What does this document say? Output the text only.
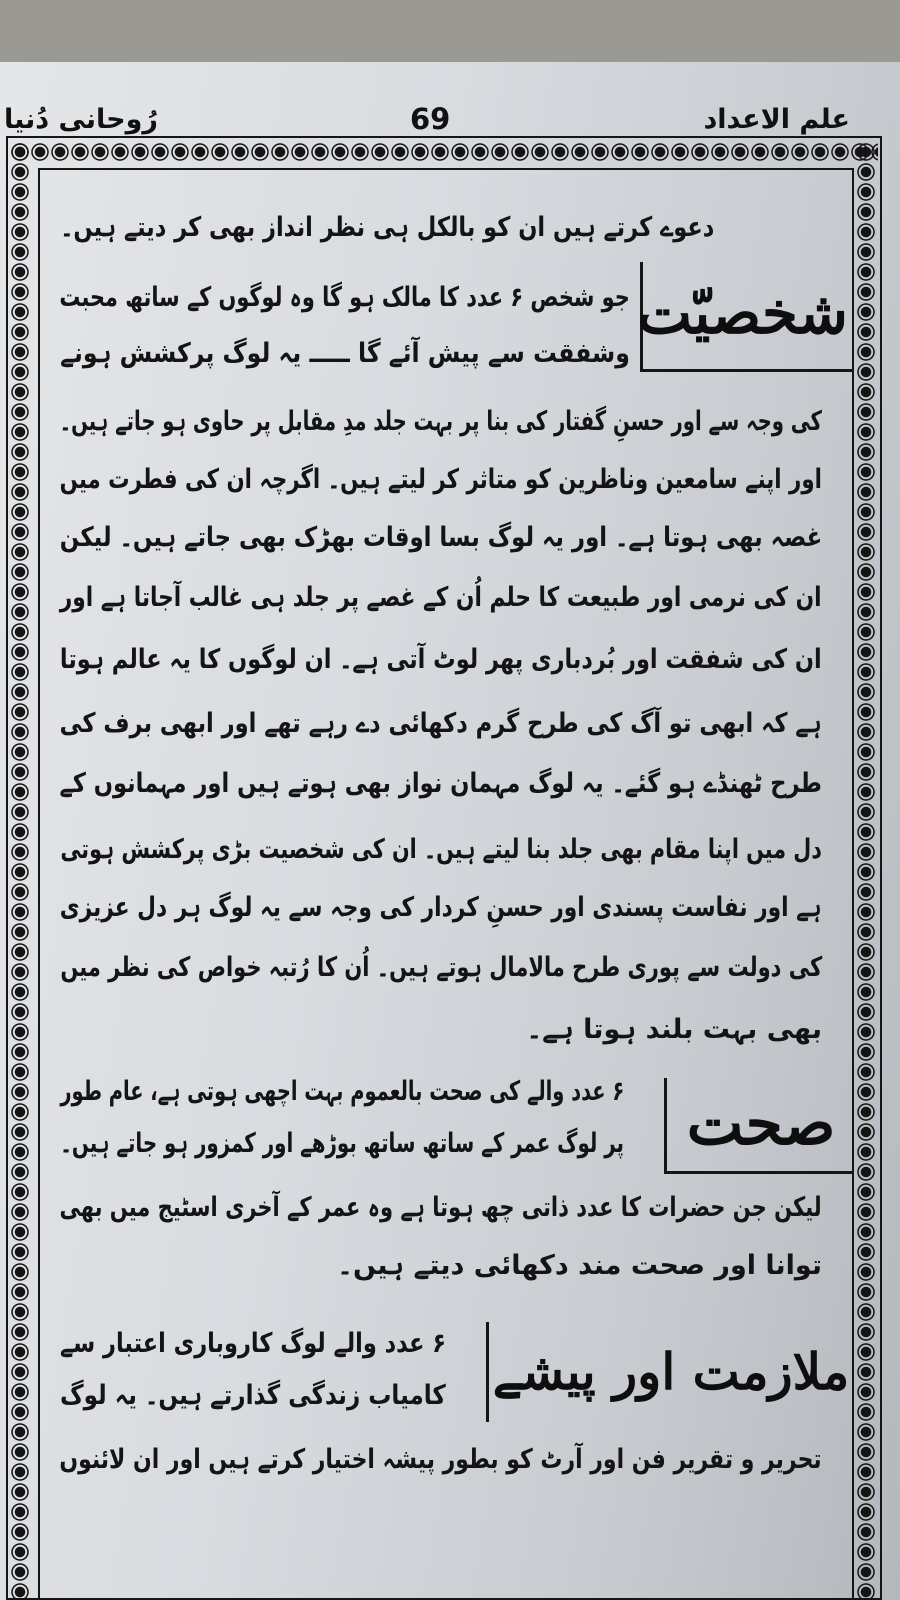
رُوحانی دُنیا	69	علم الاعداد
شخصیّت
صحت
ملازمت اور پیشے
دعوے کرتے ہیں ان کو بالکل ہی نظر انداز بھی کر دیتے ہیں۔
جو شخص ۶ عدد کا مالک ہو گا وہ لوگوں کے ساتھ محبت
وشفقت سے پیش آئے گا ـــــ یہ لوگ پرکشش ہونے
کی وجہ سے اور حسنِ گفتار کی بنا پر بہت جلد مدِ مقابل پر حاوی ہو جاتے ہیں۔
اور اپنے سامعین وناظرین کو متاثر کر لیتے ہیں۔ اگرچہ ان کی فطرت میں
غصہ بھی ہوتا ہے۔ اور یہ لوگ بسا اوقات بھڑک بھی جاتے ہیں۔ لیکن
ان کی نرمی اور طبیعت کا حلم اُن کے غصے پر جلد ہی غالب آجاتا ہے اور
ان کی شفقت اور بُردباری پھر لوٹ آتی ہے۔ ان لوگوں کا یہ عالم ہوتا
ہے کہ ابھی تو آگ کی طرح گرم دکھائی دے رہے تھے اور ابھی برف کی
طرح ٹھنڈے ہو گئے۔ یہ لوگ مہمان نواز بھی ہوتے ہیں اور مہمانوں کے
دل میں اپنا مقام بھی جلد بنا لیتے ہیں۔ ان کی شخصیت بڑی پرکشش ہوتی
ہے اور نفاست پسندی اور حسنِ کردار کی وجہ سے یہ لوگ ہر دل عزیزی
کی دولت سے پوری طرح مالامال ہوتے ہیں۔ اُن کا رُتبہ خواص کی نظر میں
بھی بہت بلند ہوتا ہے۔
۶ عدد والے کی صحت بالعموم بہت اچھی ہوتی ہے، عام طور
پر لوگ عمر کے ساتھ ساتھ بوڑھے اور کمزور ہو جاتے ہیں۔
لیکن جن حضرات کا عدد ذاتی چھ ہوتا ہے وہ عمر کے آخری اسٹیج میں بھی
توانا اور صحت مند دکھائی دیتے ہیں۔
۶ عدد والے لوگ کاروباری اعتبار سے
کامیاب زندگی گذارتے ہیں۔ یہ لوگ
تحریر و تقریر فن اور آرٹ کو بطور پیشہ اختیار کرتے ہیں اور ان لائنوں
